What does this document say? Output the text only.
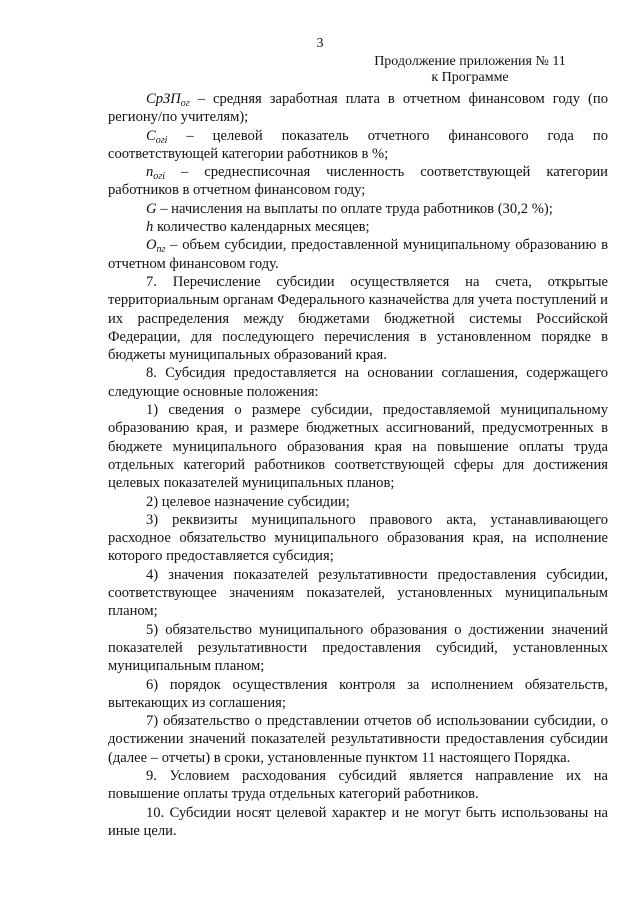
3
Продолжение приложения № 11
к Программе

СрЗП$_{ог}$ – средняя заработная плата в отчетном финансовом году (по региону/по учителям);

$С_{огi}$ – целевой показатель отчетного финансового года по соответствующей категории работников в %;

$n_{огi}$ – среднесписочная численность соответствующей категории работников в отчетном финансовом году;

G – начисления на выплаты по оплате труда работников (30,2 %);

h количество календарных месяцев;

$O_{пг}$ – объем субсидии, предоставленной муниципальному образованию в отчетном финансовом году.

7. Перечисление субсидии осуществляется на счета, открытые территориальным органам Федерального казначейства для учета поступлений и их распределения между бюджетами бюджетной системы Российской Федерации, для последующего перечисления в установленном порядке в бюджеты муниципальных образований края.

8. Субсидия предоставляется на основании соглашения, содержащего следующие основные положения:

1) сведения о размере субсидии, предоставляемой муниципальному образованию края, и размере бюджетных ассигнований, предусмотренных в бюджете муниципального образования края на повышение оплаты труда отдельных категорий работников соответствующей сферы для достижения целевых показателей муниципальных планов;

2) целевое назначение субсидии;

3) реквизиты муниципального правового акта, устанавливающего расходное обязательство муниципального образования края, на исполнение которого предоставляется субсидия;

4) значения показателей результативности предоставления субсидии, соответствующее значениям показателей, установленных муниципальным планом;

5) обязательство муниципального образования о достижении значений показателей результативности предоставления субсидий, установленных муниципальным планом;

6) порядок осуществления контроля за исполнением обязательств, вытекающих из соглашения;

7) обязательство о представлении отчетов об использовании субсидии, о достижении значений показателей результативности предоставления субсидии (далее – отчеты) в сроки, установленные пунктом 11 настоящего Порядка.

9. Условием расходования субсидий является направление их на повышение оплаты труда отдельных категорий работников.

10. Субсидии носят целевой характер и не могут быть использованы на иные цели.
